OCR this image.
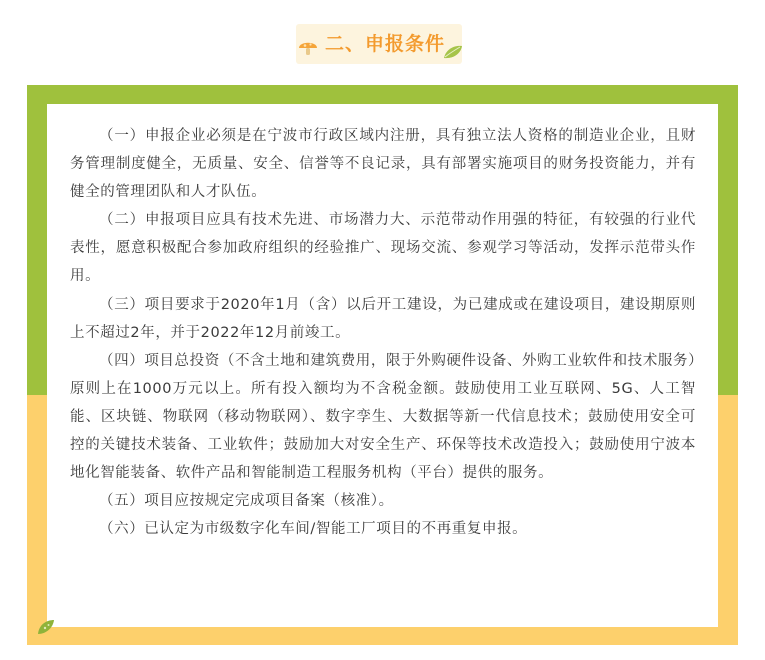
二、申报条件

（一）申报企业必须是在宁波市行政区域内注册，具有独立法人资格的制造业企业，且财务管理制度健全，无质量、安全、信誉等不良记录，具有部署实施项目的财务投资能力，并有健全的管理团队和人才队伍。

（二）申报项目应具有技术先进、市场潜力大、示范带动作用强的特征，有较强的行业代表性，愿意积极配合参加政府组织的经验推广、现场交流、参观学习等活动，发挥示范带头作用。

（三）项目要求于2020年1月（含）以后开工建设，为已建成或在建设项目，建设期原则上不超过2年，并于2022年12月前竣工。

（四）项目总投资（不含土地和建筑费用，限于外购硬件设备、外购工业软件和技术服务）原则上在1000万元以上。所有投入额均为不含税金额。鼓励使用工业互联网、5G、人工智能、区块链、物联网（移动物联网）、数字孪生、大数据等新一代信息技术；鼓励使用安全可控的关键技术装备、工业软件；鼓励加大对安全生产、环保等技术改造投入；鼓励使用宁波本地化智能装备、软件产品和智能制造工程服务机构（平台）提供的服务。

（五）项目应按规定完成项目备案（核准）。

（六）已认定为市级数字化车间/智能工厂项目的不再重复申报。
